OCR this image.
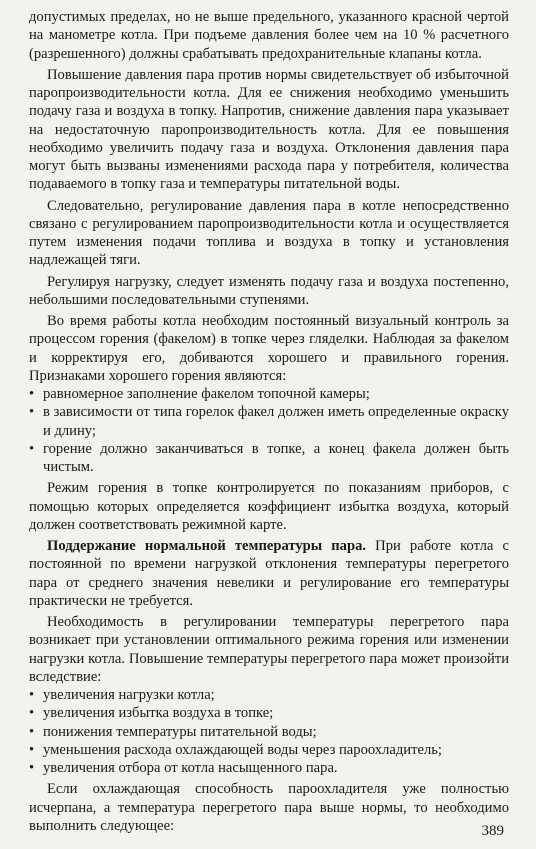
допустимых пределах, но не выше предельного, указанного красной чертой на манометре котла. При подъеме давления более чем на 10 % расчетного (разрешенного) должны срабатывать предохранительные клапаны котла.

Повышение давления пара против нормы свидетельствует об избыточной паропроизводительности котла. Для ее снижения необходимо уменьшить подачу газа и воздуха в топку. Напротив, снижение давления пара указывает на недостаточную паропроизводительность котла. Для ее повышения необходимо увеличить подачу газа и воздуха. Отклонения давления пара могут быть вызваны изменениями расхода пара у потребителя, количества подаваемого в топку газа и температуры питательной воды.

Следовательно, регулирование давления пара в котле непосредственно связано с регулированием паропроизводительности котла и осуществляется путем изменения подачи топлива и воздуха в топку и установления надлежащей тяги.

Регулируя нагрузку, следует изменять подачу газа и воздуха постепенно, небольшими последовательными ступенями.

Во время работы котла необходим постоянный визуальный контроль за процессом горения (факелом) в топке через гляделки. Наблюдая за факелом и корректируя его, добиваются хорошего и правильного горения. Признаками хорошего горения являются:

• равномерное заполнение факелом топочной камеры;

• в зависимости от типа горелок факел должен иметь определенные окраску и длину;

• горение должно заканчиваться в топке, а конец факела должен быть чистым.

Режим горения в топке контролируется по показаниям приборов, с помощью которых определяется коэффициент избытка воздуха, который должен соответствовать режимной карте.

Поддержание нормальной температуры пара. При работе котла с постоянной по времени нагрузкой отклонения температуры перегретого пара от среднего значения невелики и регулирование его температуры практически не требуется.

Необходимость в регулировании температуры перегретого пара возникает при установлении оптимального режима горения или изменении нагрузки котла. Повышение температуры перегретого пара может произойти вследствие:

• увеличения нагрузки котла;

• увеличения избытка воздуха в топке;

• понижения температуры питательной воды;

• уменьшения расхода охлаждающей воды через пароохладитель;

• увеличения отбора от котла насыщенного пара.

Если охлаждающая способность пароохладителя уже полностью исчерпана, а температура перегретого пара выше нормы, то необходимо выполнить следующее:	389
